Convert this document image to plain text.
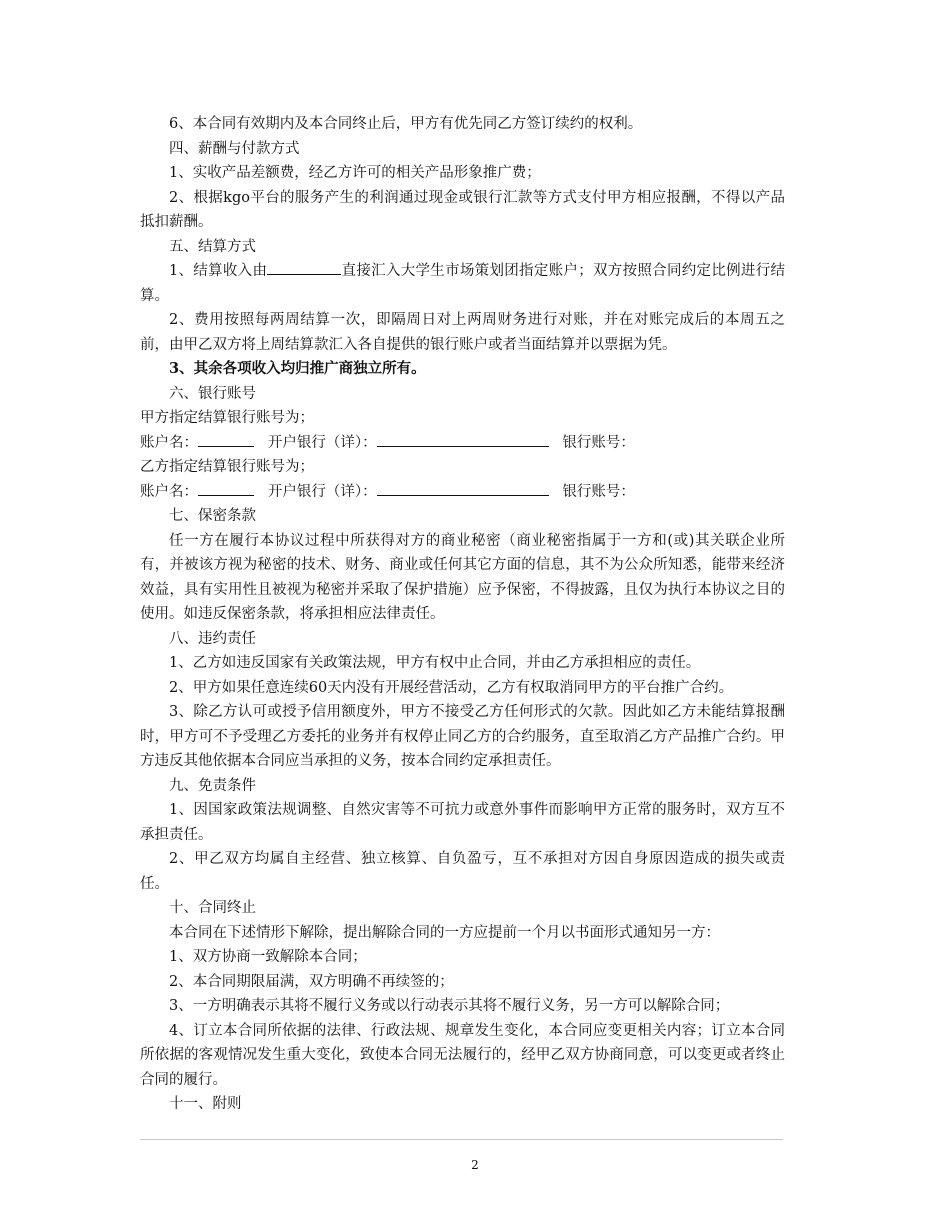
6、本合同有效期内及本合同终止后，甲方有优先同乙方签订续约的权利。

四、薪酬与付款方式

1、实收产品差额费，经乙方许可的相关产品形象推广费；

2、根据kgo平台的服务产生的利润通过现金或银行汇款等方式支付甲方相应报酬，不得以产品抵扣薪酬。

五、结算方式

1、结算收入由	直接汇入大学生市场策划团指定账户；双方按照合同约定比例进行结算。

2、费用按照每两周结算一次，即隔周日对上两周财务进行对账，并在对账完成后的本周五之前，由甲乙双方将上周结算款汇入各自提供的银行账户或者当面结算并以票据为凭。

3、其余各项收入均归推广商独立所有。

六、银行账号

甲方指定结算银行账号为；

账户名：	开户银行（详）：	银行账号：

乙方指定结算银行账号为；

账户名：	开户银行（详）：	银行账号：

七、保密条款

任一方在履行本协议过程中所获得对方的商业秘密（商业秘密指属于一方和(或)其关联企业所有，并被该方视为秘密的技术、财务、商业或任何其它方面的信息，其不为公众所知悉，能带来经济效益，具有实用性且被视为秘密并采取了保护措施）应予保密，不得披露，且仅为执行本协议之目的使用。如违反保密条款，将承担相应法律责任。

八、违约责任

1、乙方如违反国家有关政策法规，甲方有权中止合同，并由乙方承担相应的责任。

2、甲方如果任意连续60天内没有开展经营活动，乙方有权取消同甲方的平台推广合约。

3、除乙方认可或授予信用额度外，甲方不接受乙方任何形式的欠款。因此如乙方未能结算报酬时，甲方可不予受理乙方委托的业务并有权停止同乙方的合约服务，直至取消乙方产品推广合约。甲方违反其他依据本合同应当承担的义务，按本合同约定承担责任。

九、免责条件

1、因国家政策法规调整、自然灾害等不可抗力或意外事件而影响甲方正常的服务时，双方互不承担责任。

2、甲乙双方均属自主经营、独立核算、自负盈亏，互不承担对方因自身原因造成的损失或责任。

十、合同终止

本合同在下述情形下解除，提出解除合同的一方应提前一个月以书面形式通知另一方：

1、双方协商一致解除本合同；

2、本合同期限届满，双方明确不再续签的；

3、一方明确表示其将不履行义务或以行动表示其将不履行义务，另一方可以解除合同；

4、订立本合同所依据的法律、行政法规、规章发生变化，本合同应变更相关内容；订立本合同所依据的客观情况发生重大变化，致使本合同无法履行的，经甲乙双方协商同意，可以变更或者终止合同的履行。

十一、附则

2
